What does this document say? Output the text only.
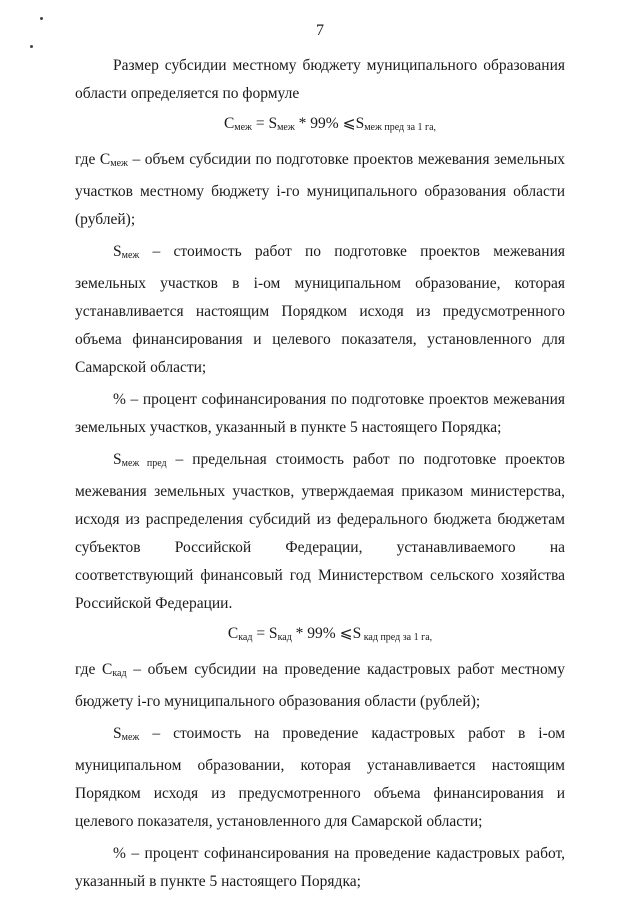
7

Размер субсидии местному бюджету муниципального образования области определяется по формуле

$С_{меж} = S_{меж} * 99\%$ $⩽S_{меж пред за 1 га,}$

где $С_{меж}$ – объем субсидии по подготовке проектов межевания земельных участков местному бюджету i-го муниципального образования области (рублей);

$S_{меж}$ – стоимость работ по подготовке проектов межевания земельных участков в i-ом муниципальном образование, которая устанавливается настоящим Порядком исходя из предусмотренного объема финансирования и целевого показателя, установленного для Самарской области;

% – процент софинансирования по подготовке проектов межевания земельных участков, указанный в пункте 5 настоящего Порядка;

$S_{меж пред}$ – предельная стоимость работ по подготовке проектов межевания земельных участков, утверждаемая приказом министерства, исходя из распределения субсидий из федерального бюджета бюджетам субъектов Российской Федерации, устанавливаемого на соответствующий финансовый год Министерством сельского хозяйства Российской Федерации.

$С_{кад} = S_{кад} * 99\%$ ⩽S $_{кад пред за 1 га,}$

где $С_{кад}$ – объем субсидии на проведение кадастровых работ местному бюджету i-го муниципального образования области (рублей);

$S_{меж}$ – стоимость на проведение кадастровых работ в i-ом муниципальном образовании, которая устанавливается настоящим Порядком исходя из предусмотренного объема финансирования и целевого показателя, установленного для Самарской области;

% – процент софинансирования на проведение кадастровых работ, указанный в пункте 5 настоящего Порядка;
